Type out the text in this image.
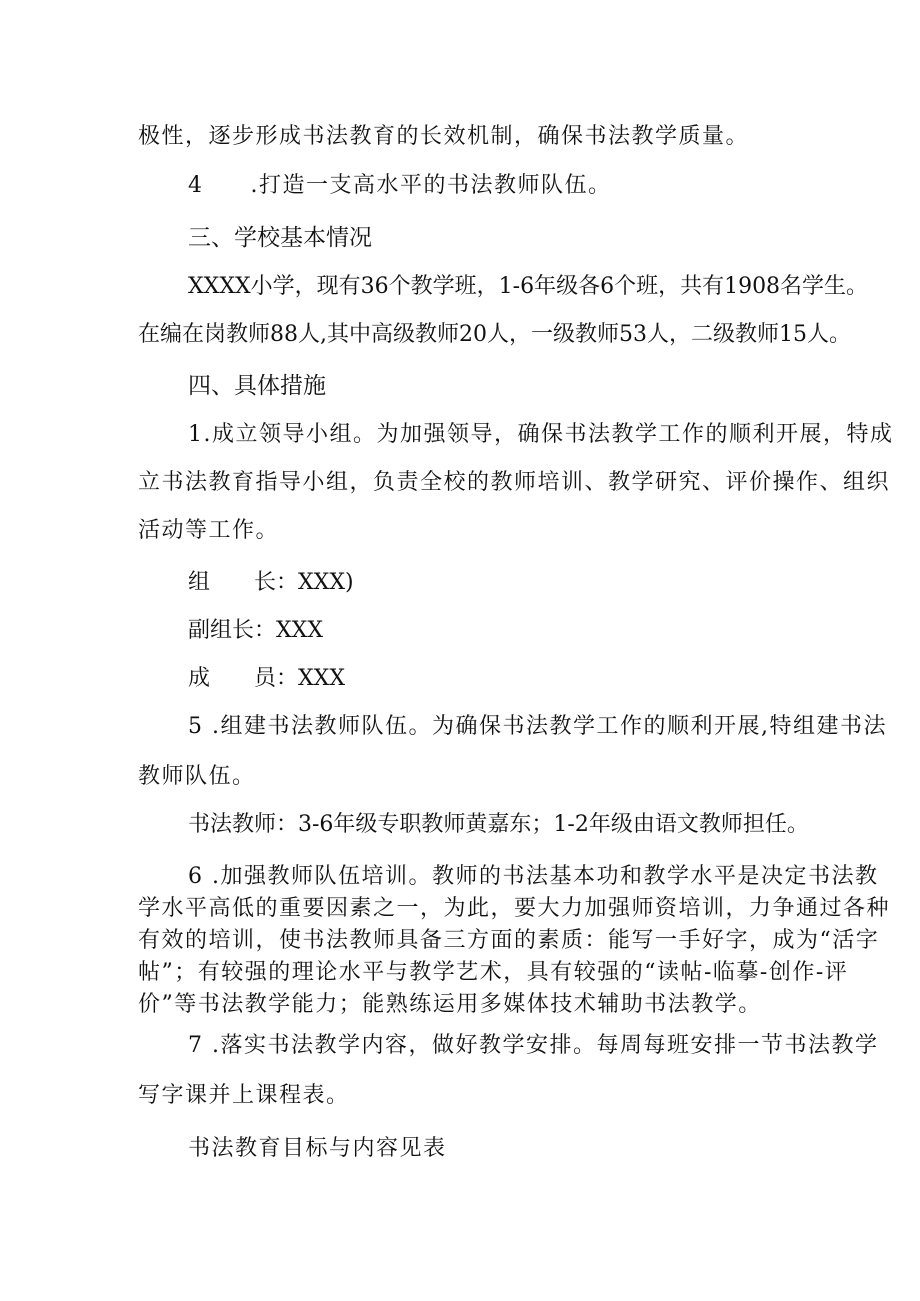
极性，逐步形成书法教育的长效机制，确保书法教学质量。
4　　.打造一支高水平的书法教师队伍。
三、学校基本情况
XXXX小学，现有36个教学班，1-6年级各6个班，共有1908名学生。
在编在岗教师88人,其中高级教师20人，一级教师53人，二级教师15人。
四、具体措施
1.成立领导小组。为加强领导，确保书法教学工作的顺利开展，特成
立书法教育指导小组，负责全校的教师培训、教学研究、评价操作、组织
活动等工作。
组　　长：XXX)
副组长：XXX
成　　员：XXX
5 .组建书法教师队伍。为确保书法教学工作的顺利开展,特组建书法
教师队伍。
书法教师：3-6年级专职教师黄嘉东；1-2年级由语文教师担任。
6 .加强教师队伍培训。教师的书法基本功和教学水平是决定书法教
学水平高低的重要因素之一，为此，要大力加强师资培训，力争通过各种
有效的培训，使书法教师具备三方面的素质：能写一手好字，成为“活字
帖”；有较强的理论水平与教学艺术，具有较强的“读帖-临摹-创作-评
价”等书法教学能力；能熟练运用多媒体技术辅助书法教学。
7 .落实书法教学内容，做好教学安排。每周每班安排一节书法教学
写字课并上课程表。
书法教育目标与内容见表
